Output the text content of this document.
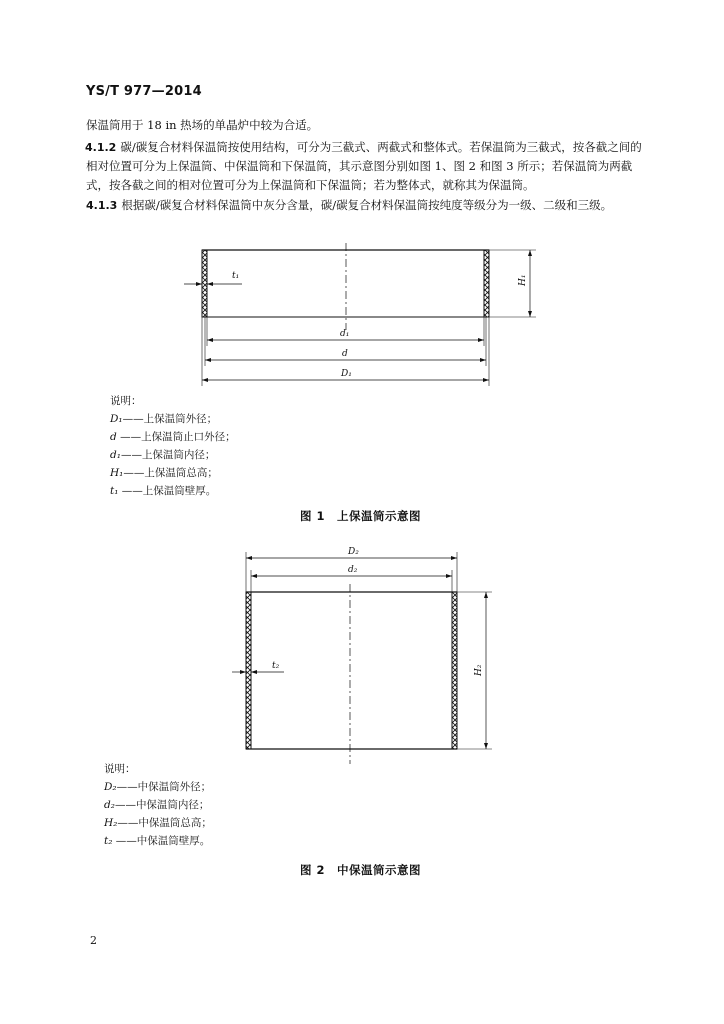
YS/T 977—2014
保温筒用于 18 in 热场的单晶炉中较为合适。
4.1.2 碳/碳复合材料保温筒按使用结构，可分为三截式、两截式和整体式。若保温筒为三截式，按各截之间的相对位置可分为上保温筒、中保温筒和下保温筒，其示意图分别如图 1、图 2 和图 3 所示；若保温筒为两截式，按各截之间的相对位置可分为上保温筒和下保温筒；若为整体式，就称其为保温筒。
4.1.3 根据碳/碳复合材料保温筒中灰分含量，碳/碳复合材料保温筒按纯度等级分为一级、二级和三级。
t₁	H₁
d₁
d
D₁
说明：
D₁——上保温筒外径；
d ——上保温筒止口外径；
d₁——上保温筒内径；
H₁——上保温筒总高；
t₁ ——上保温筒壁厚。
图 1　上保温筒示意图
D₂
d₂
t₂	H₂
说明：
D₂——中保温筒外径；
d₂——中保温筒内径；
H₂——中保温筒总高；
t₂ ——中保温筒壁厚。
图 2　中保温筒示意图
2
